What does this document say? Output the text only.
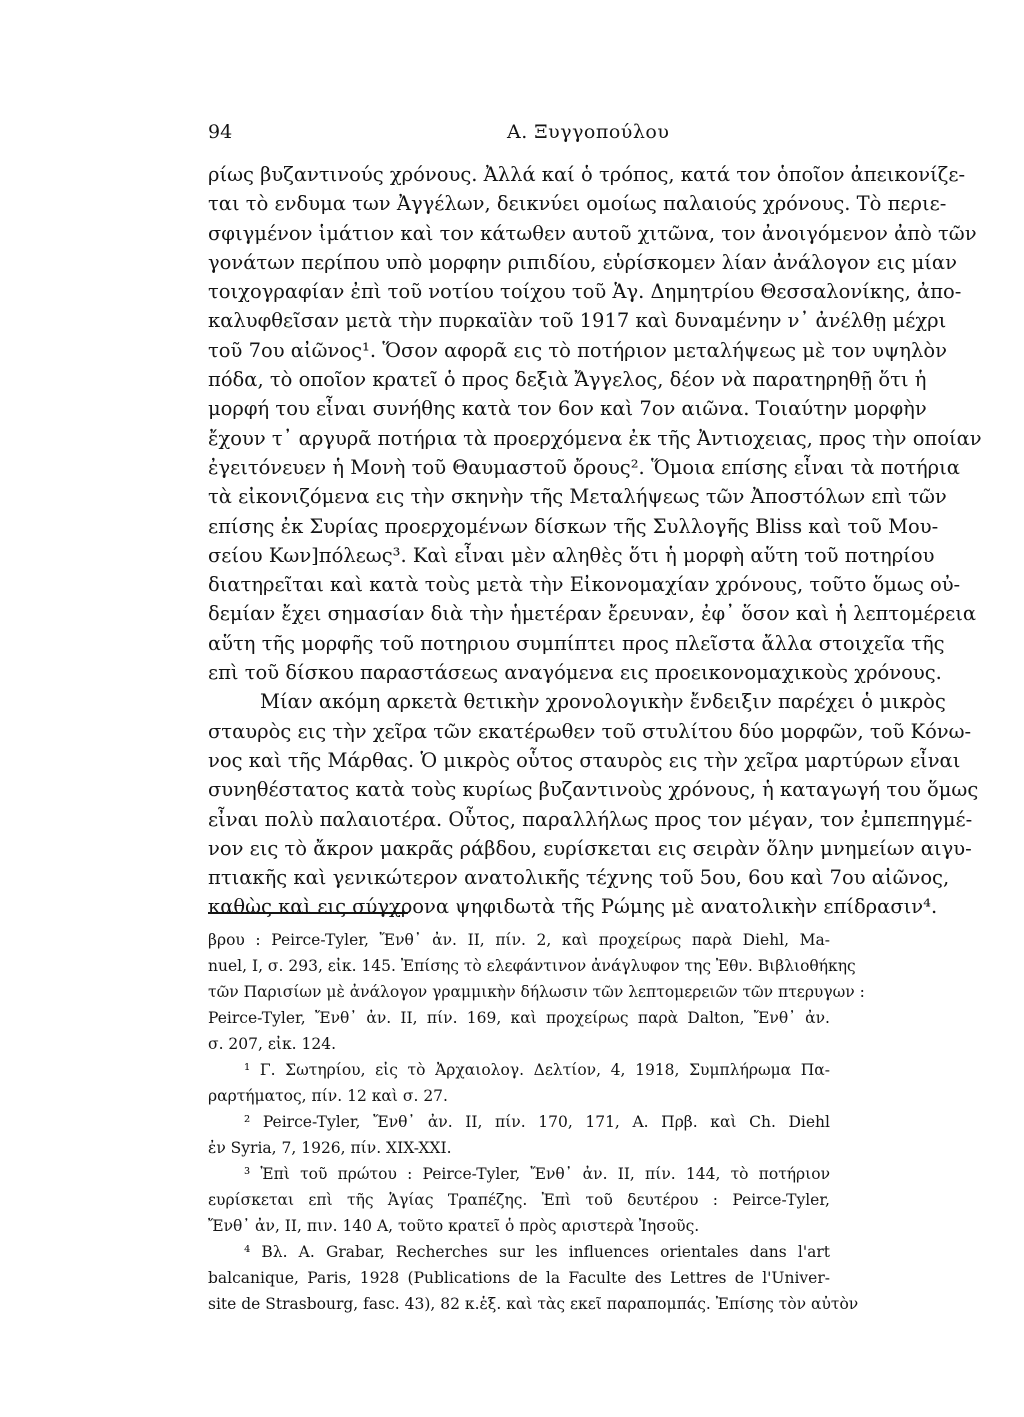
94	A. Ξυγγοπούλου
ρίως βυζαντινούς χρόνους. Ἀλλά καί ὁ τρόπος, κατά τον ὁποῖον ἀπεικονίζε-
ται τὸ ενδυμα των Ἀγγέλων, δεικνύει ομοίως παλαιούς χρόνους. Τὸ περιε-
σφιγμένον ἱμάτιον καὶ τον κάτωθεν αυτοῦ χιτῶνα, τον ἀνοιγόμενον ἀπὸ τῶν
γονάτων περίπου υπὸ μορφην ριπιδίου, εὑρίσκομεν λίαν ἀνάλογον εις μίαν
τοιχογραφίαν ἐπὶ τοῦ νοτίου τοίχου τοῦ Ἁγ. Δημητρίου Θεσσαλονίκης, ἀπο-
καλυφθεῖσαν μετὰ τὴν πυρκαϊὰν τοῦ 1917 καὶ δυναμένην ν᾽ ἀνέλθῃ μέχρι
τοῦ 7ου αἰῶνος¹. Ὅσον αφορᾶ εις τὸ ποτήριον μεταλήψεως μὲ τον υψηλὸν
πόδα, τὸ οποῖον κρατεῖ ὁ προς δεξιὰ Ἄγγελος, δέον νὰ παρατηρηθῇ ὅτι ἡ
μορφή του εἶναι συνήθης κατὰ τον 6ον καὶ 7ον αιῶνα. Τοιαύτην μορφὴν
ἔχουν τ᾽ αργυρᾶ ποτήρια τὰ προερχόμενα ἐκ τῆς Ἀντιοχειας, προς τὴν οποίαν
ἐγειτόνευεν ἡ Μονὴ τοῦ Θαυμαστοῦ ὄρους². Ὅμοια επίσης εἶναι τὰ ποτήρια
τὰ εἰκονιζόμενα εις τὴν σκηνὴν τῆς Μεταλήψεως τῶν Ἀποστόλων επὶ τῶν
επίσης ἐκ Συρίας προερχομένων δίσκων τῆς Συλλογῆς Bliss καὶ τοῦ Μου-
σείου Κων]πόλεως³. Καὶ εἶναι μὲν αληθὲς ὅτι ἡ μορφὴ αὕτη τοῦ ποτηρίου
διατηρεῖται καὶ κατὰ τοὺς μετὰ τὴν Εἰκονομαχίαν χρόνους, τοῦτο ὅμως οὐ-
δεμίαν ἔχει σημασίαν διὰ τὴν ἡμετέραν ἔρευναν, ἐφ᾽ ὅσον καὶ ἡ λεπτομέρεια
αὕτη τῆς μορφῆς τοῦ ποτηριου συμπίπτει προς πλεῖστα ἄλλα στοιχεῖα τῆς
επὶ τοῦ δίσκου παραστάσεως αναγόμενα εις προεικονομαχικοὺς χρόνους.
Μίαν ακόμη αρκετὰ θετικὴν χρονολογικὴν ἔνδειξιν παρέχει ὁ μικρὸς
σταυρὸς εις τὴν χεῖρα τῶν εκατέρωθεν τοῦ στυλίτου δύο μορφῶν, τοῦ Κόνω-
νος καὶ τῆς Μάρθας. Ὁ μικρὸς οὗτος σταυρὸς εις τὴν χεῖρα μαρτύρων εἶναι
συνηθέστατος κατὰ τοὺς κυρίως βυζαντινοὺς χρόνους, ἡ καταγωγή του ὅμως
εἶναι πολὺ παλαιοτέρα. Οὗτος, παραλλήλως προς τον μέγαν, τον ἐμπεπηγμέ-
νον εις τὸ ἄκρον μακρᾶς ράβδου, ευρίσκεται εις σειρὰν ὅλην μνημείων αιγυ-
πτιακῆς καὶ γενικώτερον ανατολικῆς τέχνης τοῦ 5ου, 6ου καὶ 7ου αἰῶνος,
καθὼς καὶ εις σύγχρονα ψηφιδωτὰ τῆς Ρώμης μὲ ανατολικὴν επίδρασιν⁴.
βρου : Peirce-Tyler, Ἔνθ᾽ ἀν. II, πίν. 2, καὶ προχείρως παρὰ Diehl, Ma-
nuel, I, σ. 293, εἰκ. 145. Ἐπίσης τὸ ελεφάντινον ἀνάγλυφον της Ἐθν. Βιβλιοθήκης
τῶν Παρισίων μὲ ἀνάλογον γραμμικὴν δήλωσιν τῶν λεπτομερειῶν τῶν πτερυγων :
Peirce-Tyler, Ἔνθ᾽ ἀν. II, πίν. 169, καὶ προχείρως παρὰ Dalton, Ἔνθ᾽ ἀν.
σ. 207, εἰκ. 124.
¹ Γ. Σωτηρίου, εἰς τὸ Ἀρχαιολογ. Δελτίον, 4, 1918, Συμπλήρωμα Πα-
ραρτήματος, πίν. 12 καὶ σ. 27.
² Peirce-Tyler, Ἔνθ᾽ ἀν. II, πίν. 170, 171, A. Πρβ. καὶ Ch. Diehl
ἐν Syria, 7, 1926, πίν. XIX-XXI.
³ Ἐπὶ τοῦ πρώτου : Peirce-Tyler, Ἔνθ᾽ ἀν. II, πίν. 144, τὸ ποτήριον
ευρίσκεται επὶ τῆς Ἁγίας Τραπέζης. Ἐπὶ τοῦ δευτέρου : Peirce-Tyler,
Ἔνθ᾽ ἀν, II, πιν. 140 A, τοῦτο κρατεῖ ὁ πρὸς αριστερὰ Ἰησοῦς.
⁴ Βλ. A. Grabar, Recherches sur les influences orientales dans l'art
balcanique, Paris, 1928 (Publications de la Faculte des Lettres de l'Univer-
site de Strasbourg, fasc. 43), 82 κ.ἑξ. καὶ τὰς εκεῖ παραπομπάς. Ἐπίσης τὸν αὐτὸν
